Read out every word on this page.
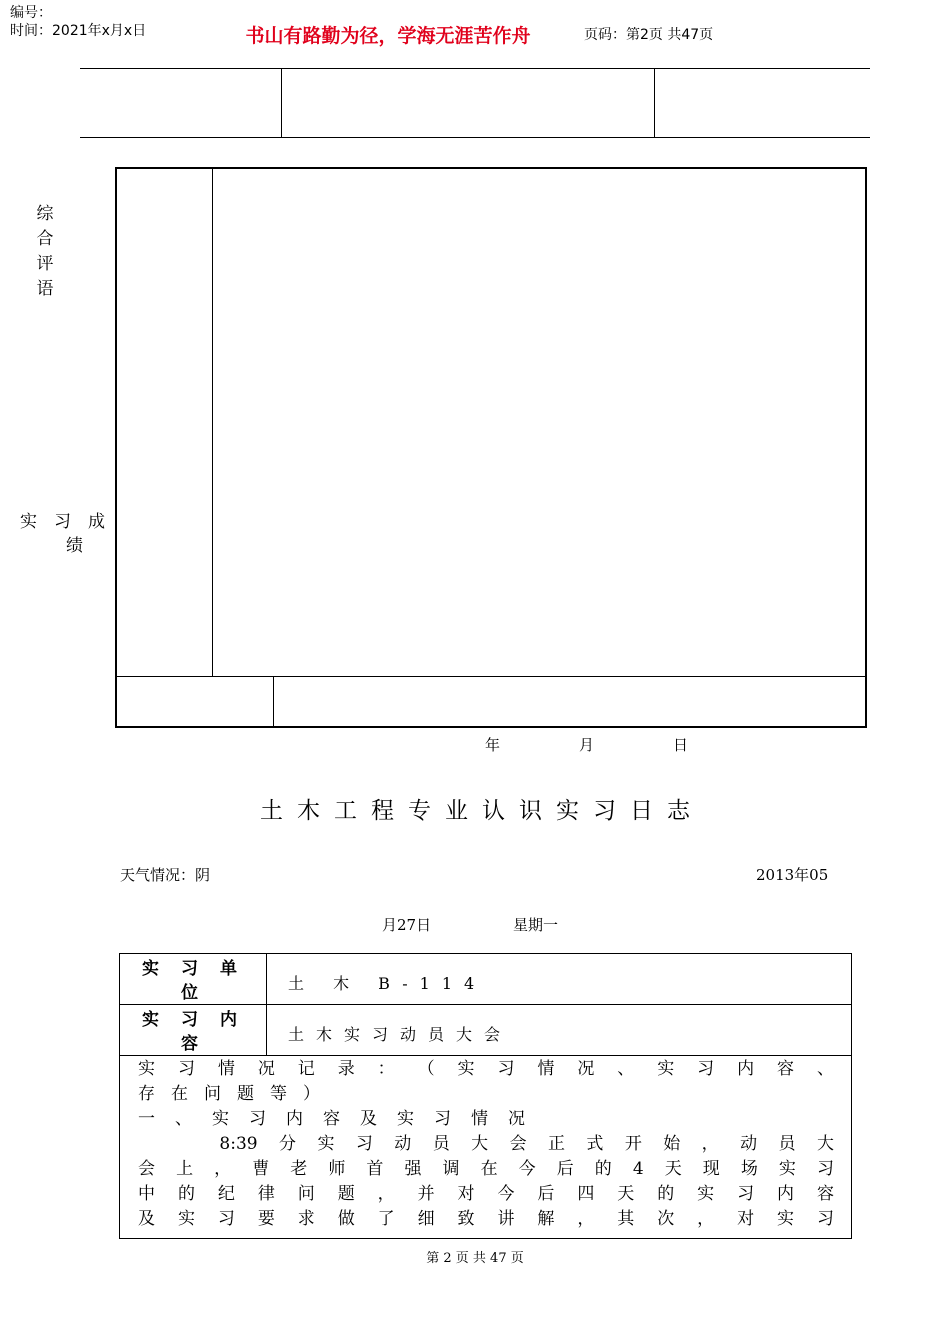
编号：
时间：2021年x月x日	书山有路勤为径，学海无涯苦作舟	页码：第2页 共47页
综
合
评
语
实习成
绩
年	月	日
土木工程专业认识实习日志
天气情况：阴	2013年05
月27日	星期一
实习单
位	土 木 B-114
实习内
容	土木实习动员大会
实 习 情 况 记 录 ： （ 实 习 情 况 、 实 习 内 容 、
存 在 问 题 等 ）
一 、 实 习 内 容 及 实 习 情 况
8:39 分 实 习 动 员 大 会 正 式 开 始 ， 动 员 大
会 上 ， 曹 老 师 首 强 调 在 今 后 的 4 天 现 场 实 习
中 的 纪 律 问 题 ， 并 对 今 后 四 天 的 实 习 内 容
及 实 习 要 求 做 了 细 致 讲 解 ， 其 次 ， 对 实 习
第 2 页 共 47 页
